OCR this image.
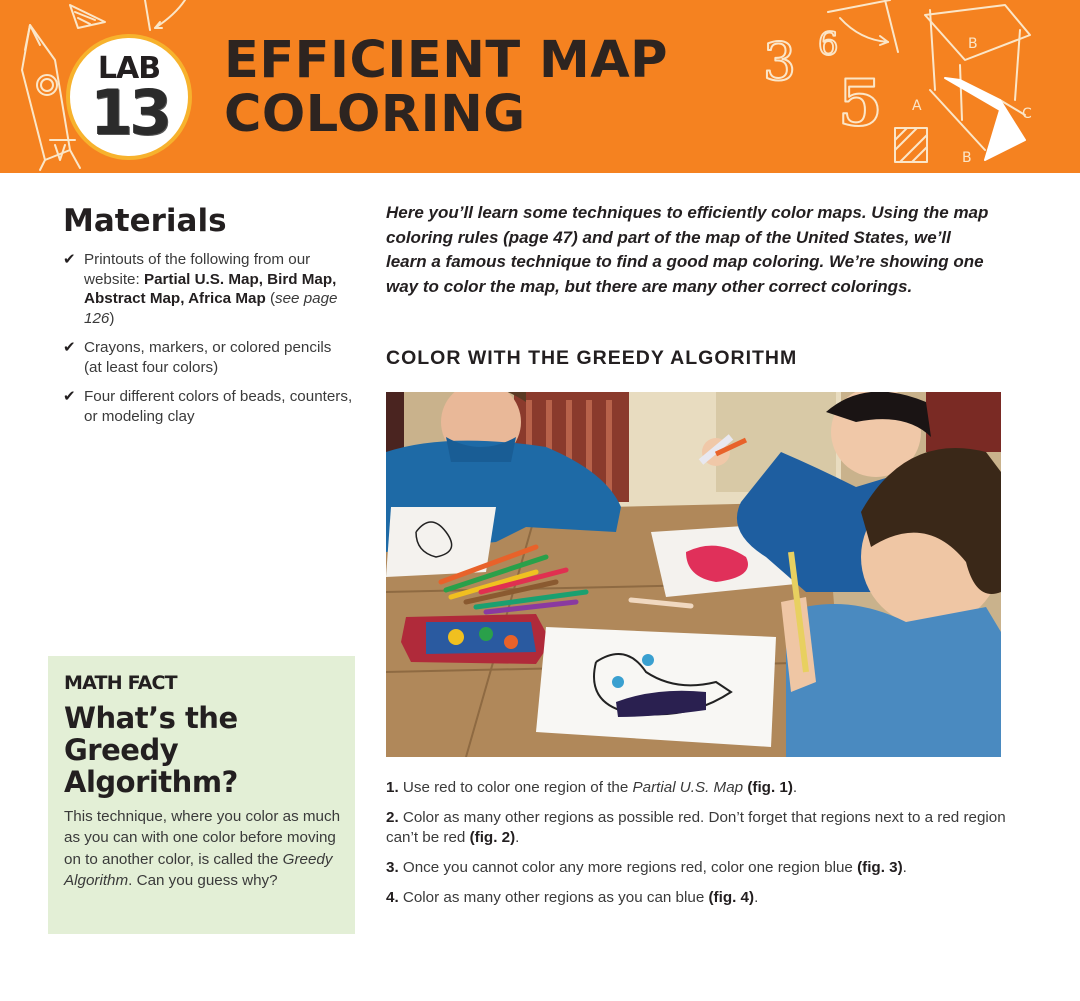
3 6
5
B
A	C
B
LAB
13
EFFICIENT MAP
COLORING
Materials
✔ Printouts of the following from our website: Partial U.S. Map, Bird Map, Abstract Map, Africa Map (see page 126)
✔ Crayons, markers, or colored pencils (at least four colors)
✔ Four different colors of beads, counters, or modeling clay

Here you’ll learn some techniques to efficiently color maps. Using the map coloring rules (page 47) and part of the map of the United States, we’ll learn a famous technique to find a good map coloring. We’re showing one way to color the map, but there are many other correct colorings.

COLOR WITH THE GREEDY ALGORITHM
1. Use red to color one region of the Partial U.S. Map (fig. 1).
2. Color as many other regions as possible red. Don’t forget that regions next to a red region can’t be red (fig. 2).
3. Once you cannot color any more regions red, color one region blue (fig. 3).
4. Color as many other regions as you can blue (fig. 4).
MATH FACT
What’s the Greedy Algorithm?

This technique, where you color as much as you can with one color before moving on to another color, is called the Greedy Algorithm. Can you guess why?
